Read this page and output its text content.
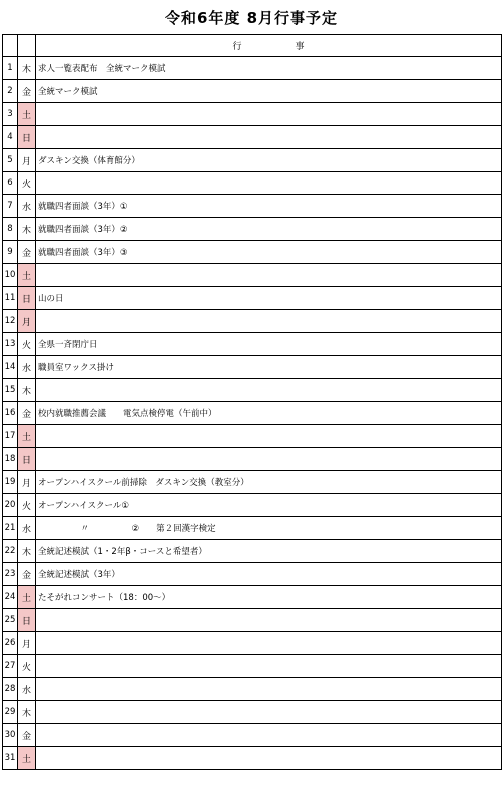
令和6年度 8月行事予定
		行　　　　　　事
1	木	求人一覧表配布　全統マーク模試
2	金	全統マーク模試
3	土	
4	日	
5	月	ダスキン交換（体育館分）
6	火	
7	水	就職四者面談（3年）①
8	木	就職四者面談（3年）②
9	金	就職四者面談（3年）③
10	土	
11	日	山の日
12	月	
13	火	全県一斉閉庁日
14	水	職員室ワックス掛け
15	木	
16	金	校内就職推薦会議　　電気点検停電（午前中）
17	土	
18	日	
19	月	オープンハイスクール前掃除　ダスキン交換（教室分）
20	火	オープンハイスクール①
21	水	　　　　　〃　　　　　②　　第２回漢字検定
22	木	全統記述模試（1・2年β・コースと希望者）
23	金	全統記述模試（3年）
24	土	たそがれコンサート（18：00～）
25	日	
26	月	
27	火	
28	水	
29	木	
30	金	
31	土	
